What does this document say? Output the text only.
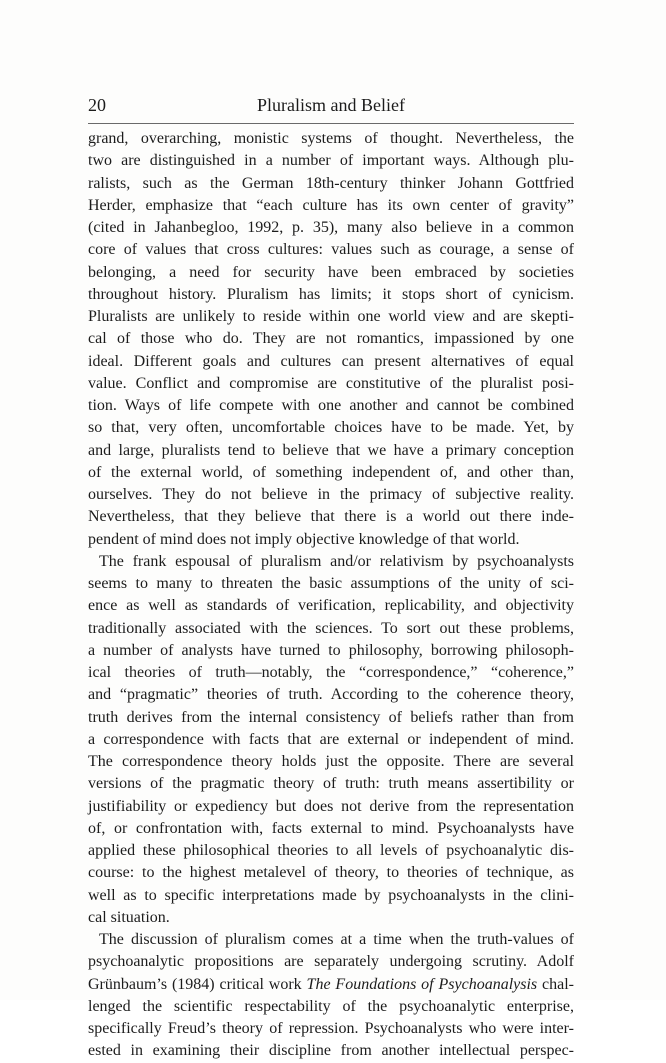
20	Pluralism and Belief
grand, overarching, monistic systems of thought. Nevertheless, the
two are distinguished in a number of important ways. Although plu-
ralists, such as the German 18th-century thinker Johann Gottfried
Herder, emphasize that “each culture has its own center of gravity”
(cited in Jahanbegloo, 1992, p. 35), many also believe in a common
core of values that cross cultures: values such as courage, a sense of
belonging, a need for security have been embraced by societies
throughout history. Pluralism has limits; it stops short of cynicism.
Pluralists are unlikely to reside within one world view and are skepti-
cal of those who do. They are not romantics, impassioned by one
ideal. Different goals and cultures can present alternatives of equal
value. Conflict and compromise are constitutive of the pluralist posi-
tion. Ways of life compete with one another and cannot be combined
so that, very often, uncomfortable choices have to be made. Yet, by
and large, pluralists tend to believe that we have a primary conception
of the external world, of something independent of, and other than,
ourselves. They do not believe in the primacy of subjective reality.
Nevertheless, that they believe that there is a world out there inde-
pendent of mind does not imply objective knowledge of that world.
The frank espousal of pluralism and/or relativism by psychoanalysts
seems to many to threaten the basic assumptions of the unity of sci-
ence as well as standards of verification, replicability, and objectivity
traditionally associated with the sciences. To sort out these problems,
a number of analysts have turned to philosophy, borrowing philosoph-
ical theories of truth—notably, the “correspondence,” “coherence,”
and “pragmatic” theories of truth. According to the coherence theory,
truth derives from the internal consistency of beliefs rather than from
a correspondence with facts that are external or independent of mind.
The correspondence theory holds just the opposite. There are several
versions of the pragmatic theory of truth: truth means assertibility or
justifiability or expediency but does not derive from the representation
of, or confrontation with, facts external to mind. Psychoanalysts have
applied these philosophical theories to all levels of psychoanalytic dis-
course: to the highest metalevel of theory, to theories of technique, as
well as to specific interpretations made by psychoanalysts in the clini-
cal situation.
The discussion of pluralism comes at a time when the truth-values of
psychoanalytic propositions are separately undergoing scrutiny. Adolf
Grünbaum’s (1984) critical work The Foundations of Psychoanalysis chal-
lenged the scientific respectability of the psychoanalytic enterprise,
specifically Freud’s theory of repression. Psychoanalysts who were inter-
ested in examining their discipline from another intellectual perspec-
